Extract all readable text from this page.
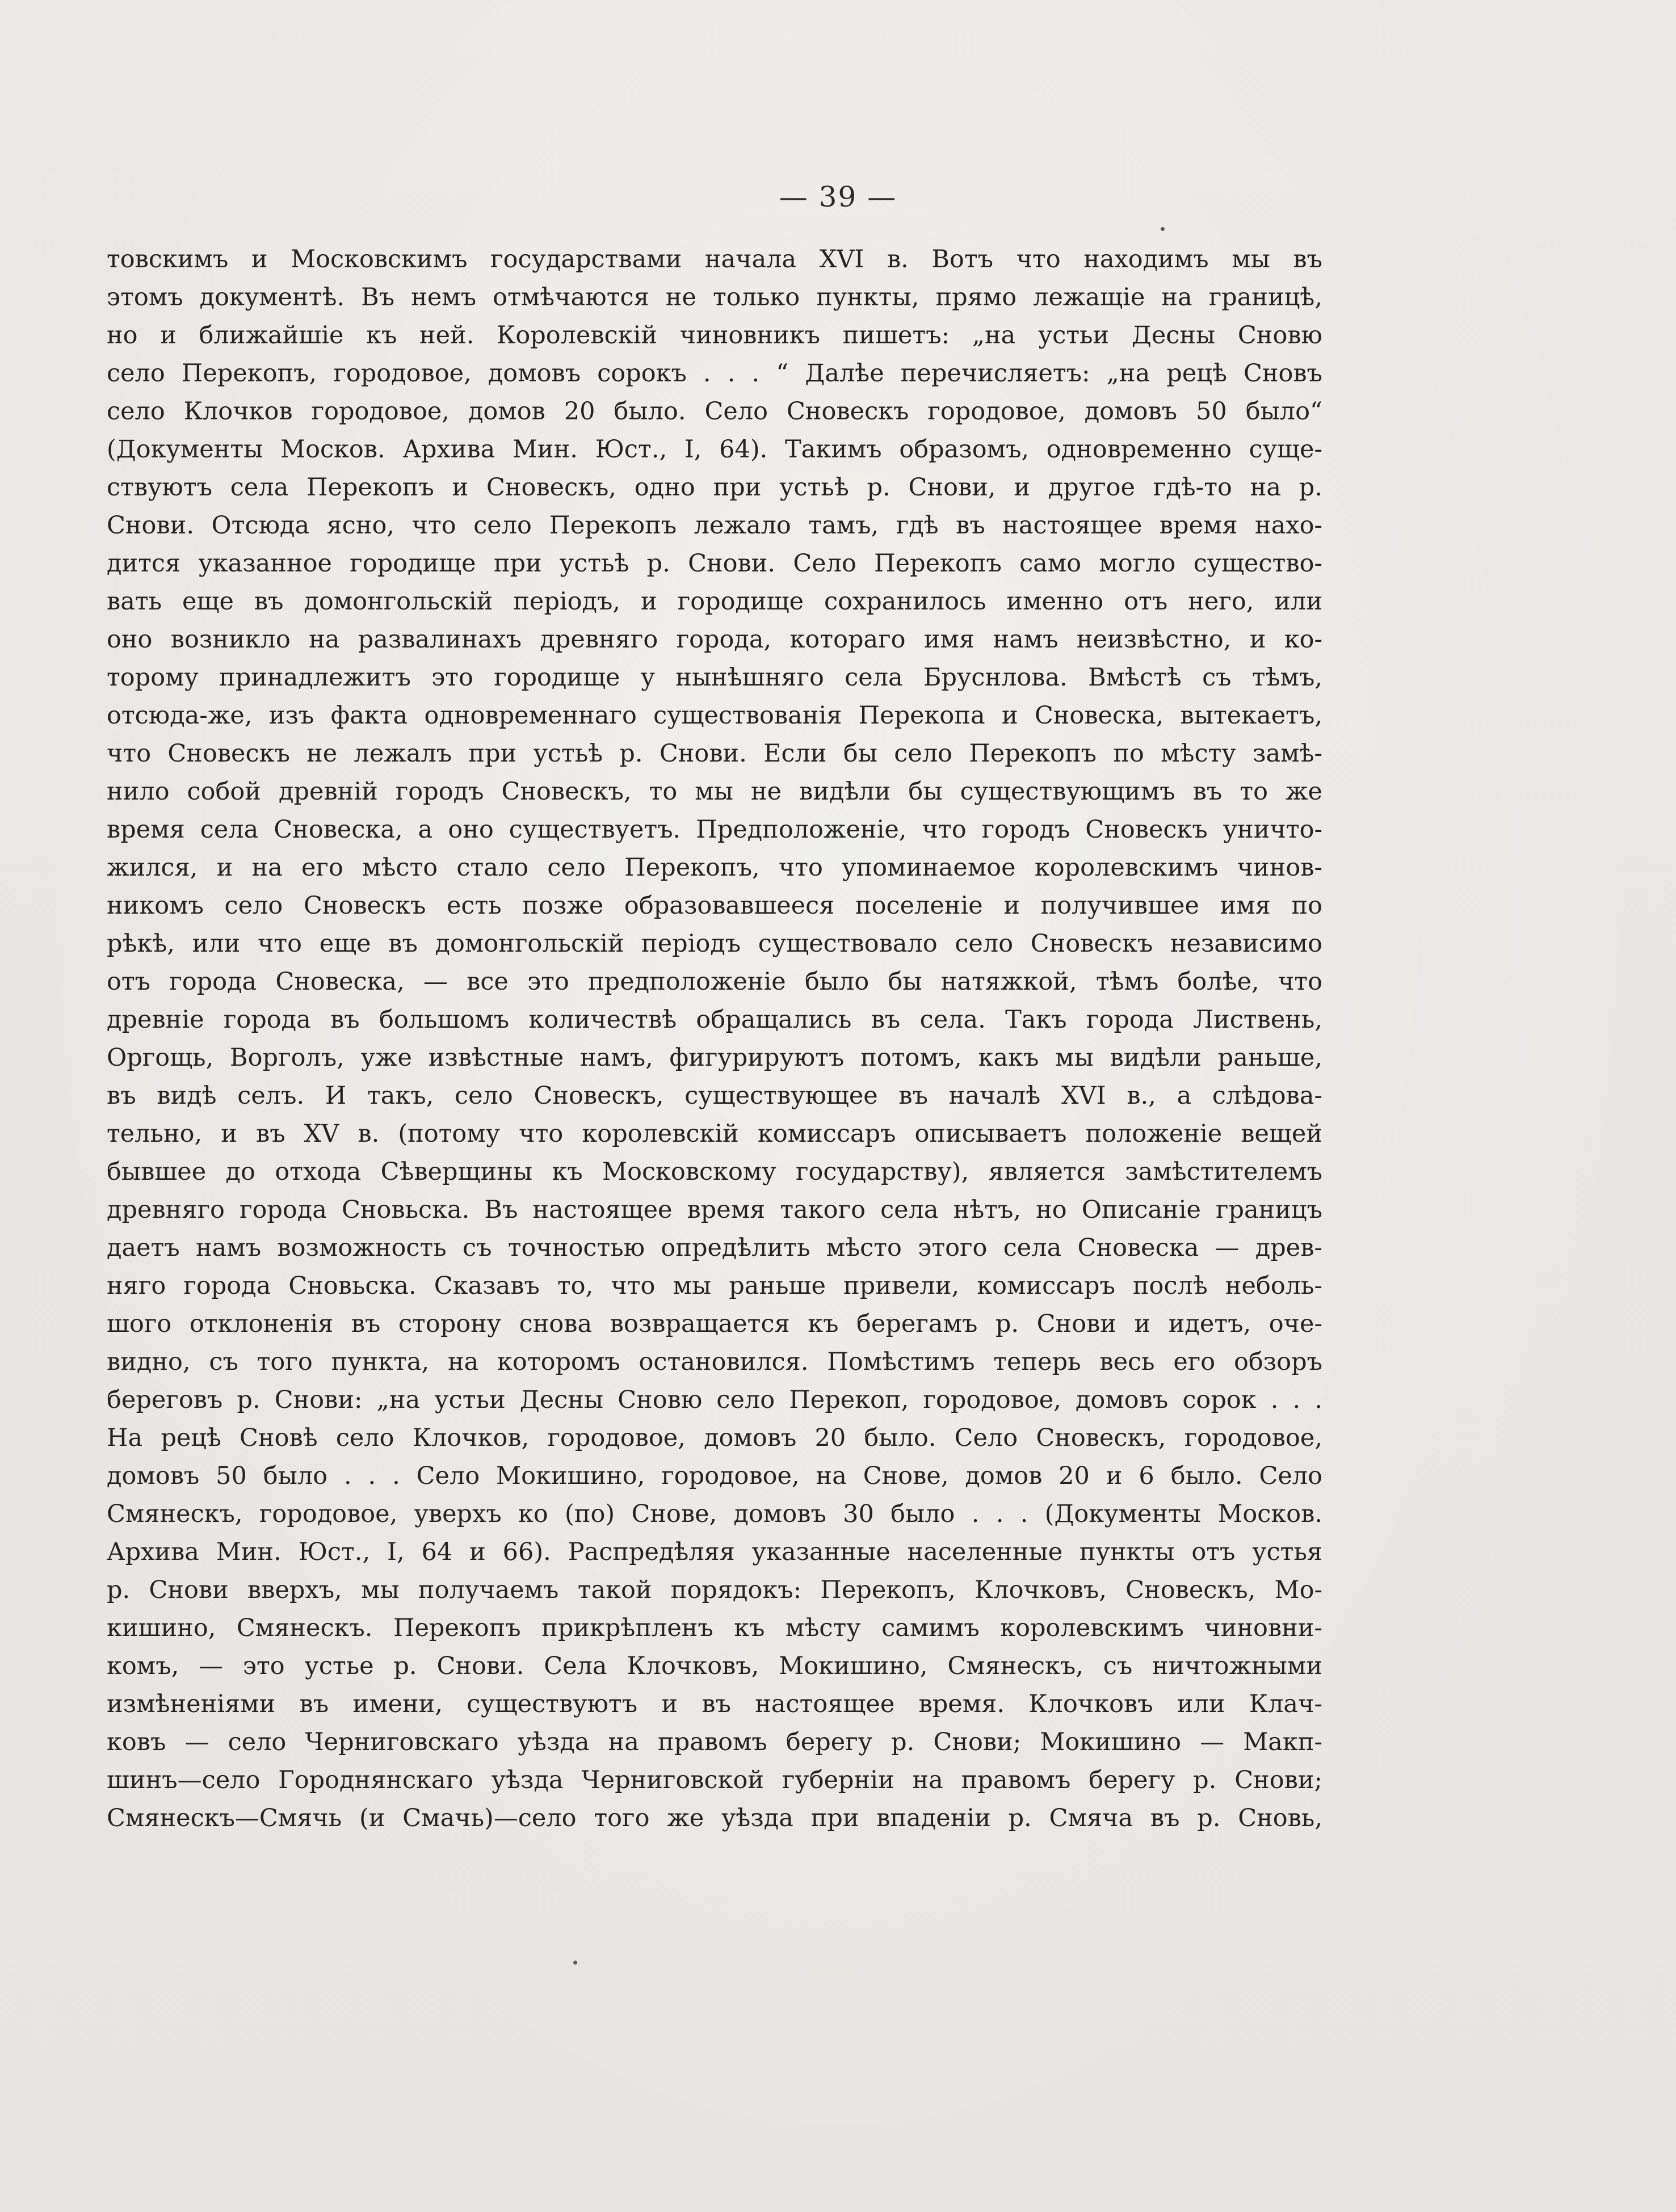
— 39 —
товскимъ и Московскимъ государствами начала XVI в. Вотъ что находимъ мы въ
этомъ документѣ. Въ немъ отмѣчаются не только пункты, прямо лежащіе на границѣ,
но и ближайшіе къ ней. Королевскій чиновникъ пишетъ: „на устьи Десны Сновю
село Перекопъ, городовое, домовъ сорокъ . . . “ Далѣе перечисляетъ: „на рецѣ Сновъ
село Клочков городовое, домов 20 было. Село Сновескъ городовое, домовъ 50 было“
(Документы Москов. Архива Мин. Юст., I, 64). Такимъ образомъ, одновременно суще-
ствуютъ села Перекопъ и Сновескъ, одно при устьѣ р. Снови, и другое гдѣ-то на р.
Снови. Отсюда ясно, что село Перекопъ лежало тамъ, гдѣ въ настоящее время нахо-
дится указанное городище при устьѣ р. Снови. Село Перекопъ само могло существо-
вать еще въ домонгольскій періодъ, и городище сохранилось именно отъ него, или
оно возникло на развалинахъ древняго города, котораго имя намъ неизвѣстно, и ко-
торому принадлежитъ это городище у нынѣшняго села Бруснлова. Вмѣстѣ съ тѣмъ,
отсюда-же, изъ факта одновременнаго существованія Перекопа и Сновеска, вытекаетъ,
что Сновескъ не лежалъ при устьѣ р. Снови. Если бы село Перекопъ по мѣсту замѣ-
нило собой древній городъ Сновескъ, то мы не видѣли бы существующимъ въ то же
время села Сновеска, а оно существуетъ. Предположеніе, что городъ Сновескъ уничто-
жился, и на его мѣсто стало село Перекопъ, что упоминаемое королевскимъ чинов-
никомъ село Сновескъ есть позже образовавшееся поселеніе и получившее имя по
рѣкѣ, или что еще въ домонгольскій періодъ существовало село Сновескъ независимо
отъ города Сновеска, — все это предположеніе было бы натяжкой, тѣмъ болѣе, что
древніе города въ большомъ количествѣ обращались въ села. Такъ города Листвень,
Оргощь, Ворголъ, уже извѣстные намъ, фигурируютъ потомъ, какъ мы видѣли раньше,
въ видѣ селъ. И такъ, село Сновескъ, существующее въ началѣ XVI в., а слѣдова-
тельно, и въ XV в. (потому что королевскій комиссаръ описываетъ положеніе вещей
бывшее до отхода Сѣверщины къ Московскому государству), является замѣстителемъ
древняго города Сновьска. Въ настоящее время такого села нѣтъ, но Описаніе границъ
даетъ намъ возможность съ точностью опредѣлить мѣсто этого села Сновеска — древ-
няго города Сновьска. Сказавъ то, что мы раньше привели, комиссаръ послѣ неболь-
шого отклоненія въ сторону снова возвращается къ берегамъ р. Снови и идетъ, оче-
видно, съ того пункта, на которомъ остановился. Помѣстимъ теперь весь его обзоръ
береговъ р. Снови: „на устьи Десны Сновю село Перекоп, городовое, домовъ сорок . . .
На рецѣ Сновѣ село Клочков, городовое, домовъ 20 было. Село Сновескъ, городовое,
домовъ 50 было . . . Село Мокишино, городовое, на Снове, домов 20 и 6 было. Село
Смянескъ, городовое, уверхъ ко (по) Снове, домовъ 30 было . . . (Документы Москов.
Архива Мин. Юст., I, 64 и 66). Распредѣляя указанные населенные пункты отъ устья
р. Снови вверхъ, мы получаемъ такой порядокъ: Перекопъ, Клочковъ, Сновескъ, Мо-
кишино, Смянескъ. Перекопъ прикрѣпленъ къ мѣсту самимъ королевскимъ чиновни-
комъ, — это устье р. Снови. Села Клочковъ, Мокишино, Смянескъ, съ ничтожными
измѣненіями въ имени, существуютъ и въ настоящее время. Клочковъ или Клач-
ковъ — село Черниговскаго уѣзда на правомъ берегу р. Снови; Мокишино — Макп-
шинъ—село Городнянскаго уѣзда Черниговской губерніи на правомъ берегу р. Снови;
Смянескъ—Смячь (и Смачь)—село того же уѣзда при впаденіи р. Смяча въ р. Сновь,
